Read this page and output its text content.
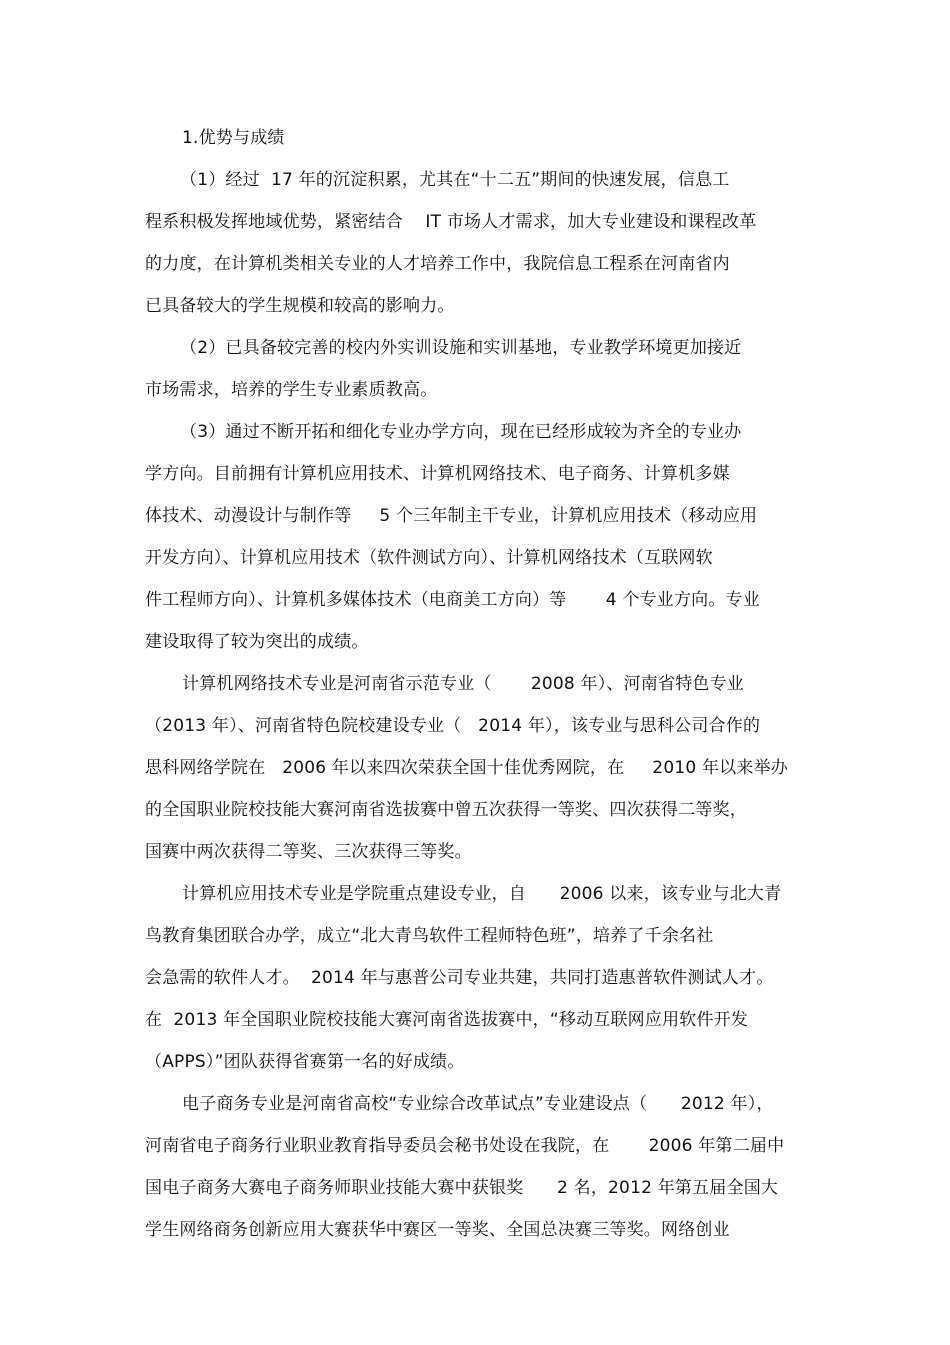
1.优势与成绩
（1）经过  17 年的沉淀积累，尤其在“十二五”期间的快速发展，信息工
程系积极发挥地域优势，紧密结合    IT 市场人才需求，加大专业建设和课程改革
的力度，在计算机类相关专业的人才培养工作中，我院信息工程系在河南省内
已具备较大的学生规模和较高的影响力。
（2）已具备较完善的校内外实训设施和实训基地，专业教学环境更加接近
市场需求，培养的学生专业素质教高。
（3）通过不断开拓和细化专业办学方向，现在已经形成较为齐全的专业办
学方向。目前拥有计算机应用技术、计算机网络技术、电子商务、计算机多媒
体技术、动漫设计与制作等     5 个三年制主干专业，计算机应用技术（移动应用
开发方向）、计算机应用技术（软件测试方向）、计算机网络技术（互联网软
件工程师方向）、计算机多媒体技术（电商美工方向）等       4 个专业方向。专业
建设取得了较为突出的成绩。
计算机网络技术专业是河南省示范专业（       2008 年）、河南省特色专业
（2013 年）、河南省特色院校建设专业（   2014 年），该专业与思科公司合作的
思科网络学院在   2006 年以来四次荣获全国十佳优秀网院，在     2010 年以来举办
的全国职业院校技能大赛河南省选拔赛中曾五次获得一等奖、四次获得二等奖，
国赛中两次获得二等奖、三次获得三等奖。
计算机应用技术专业是学院重点建设专业，自      2006 以来，该专业与北大青
鸟教育集团联合办学，成立“北大青鸟软件工程师特色班”，培养了千余名社
会急需的软件人才。  2014 年与惠普公司专业共建，共同打造惠普软件测试人才。
在  2013 年全国职业院校技能大赛河南省选拔赛中，“移动互联网应用软件开发
（APPS）”团队获得省赛第一名的好成绩。
电子商务专业是河南省高校“专业综合改革试点”专业建设点（      2012 年），
河南省电子商务行业职业教育指导委员会秘书处设在我院，在       2006 年第二届中
国电子商务大赛电子商务师职业技能大赛中获银奖      2 名，2012 年第五届全国大
学生网络商务创新应用大赛获华中赛区一等奖、全国总决赛三等奖。网络创业
